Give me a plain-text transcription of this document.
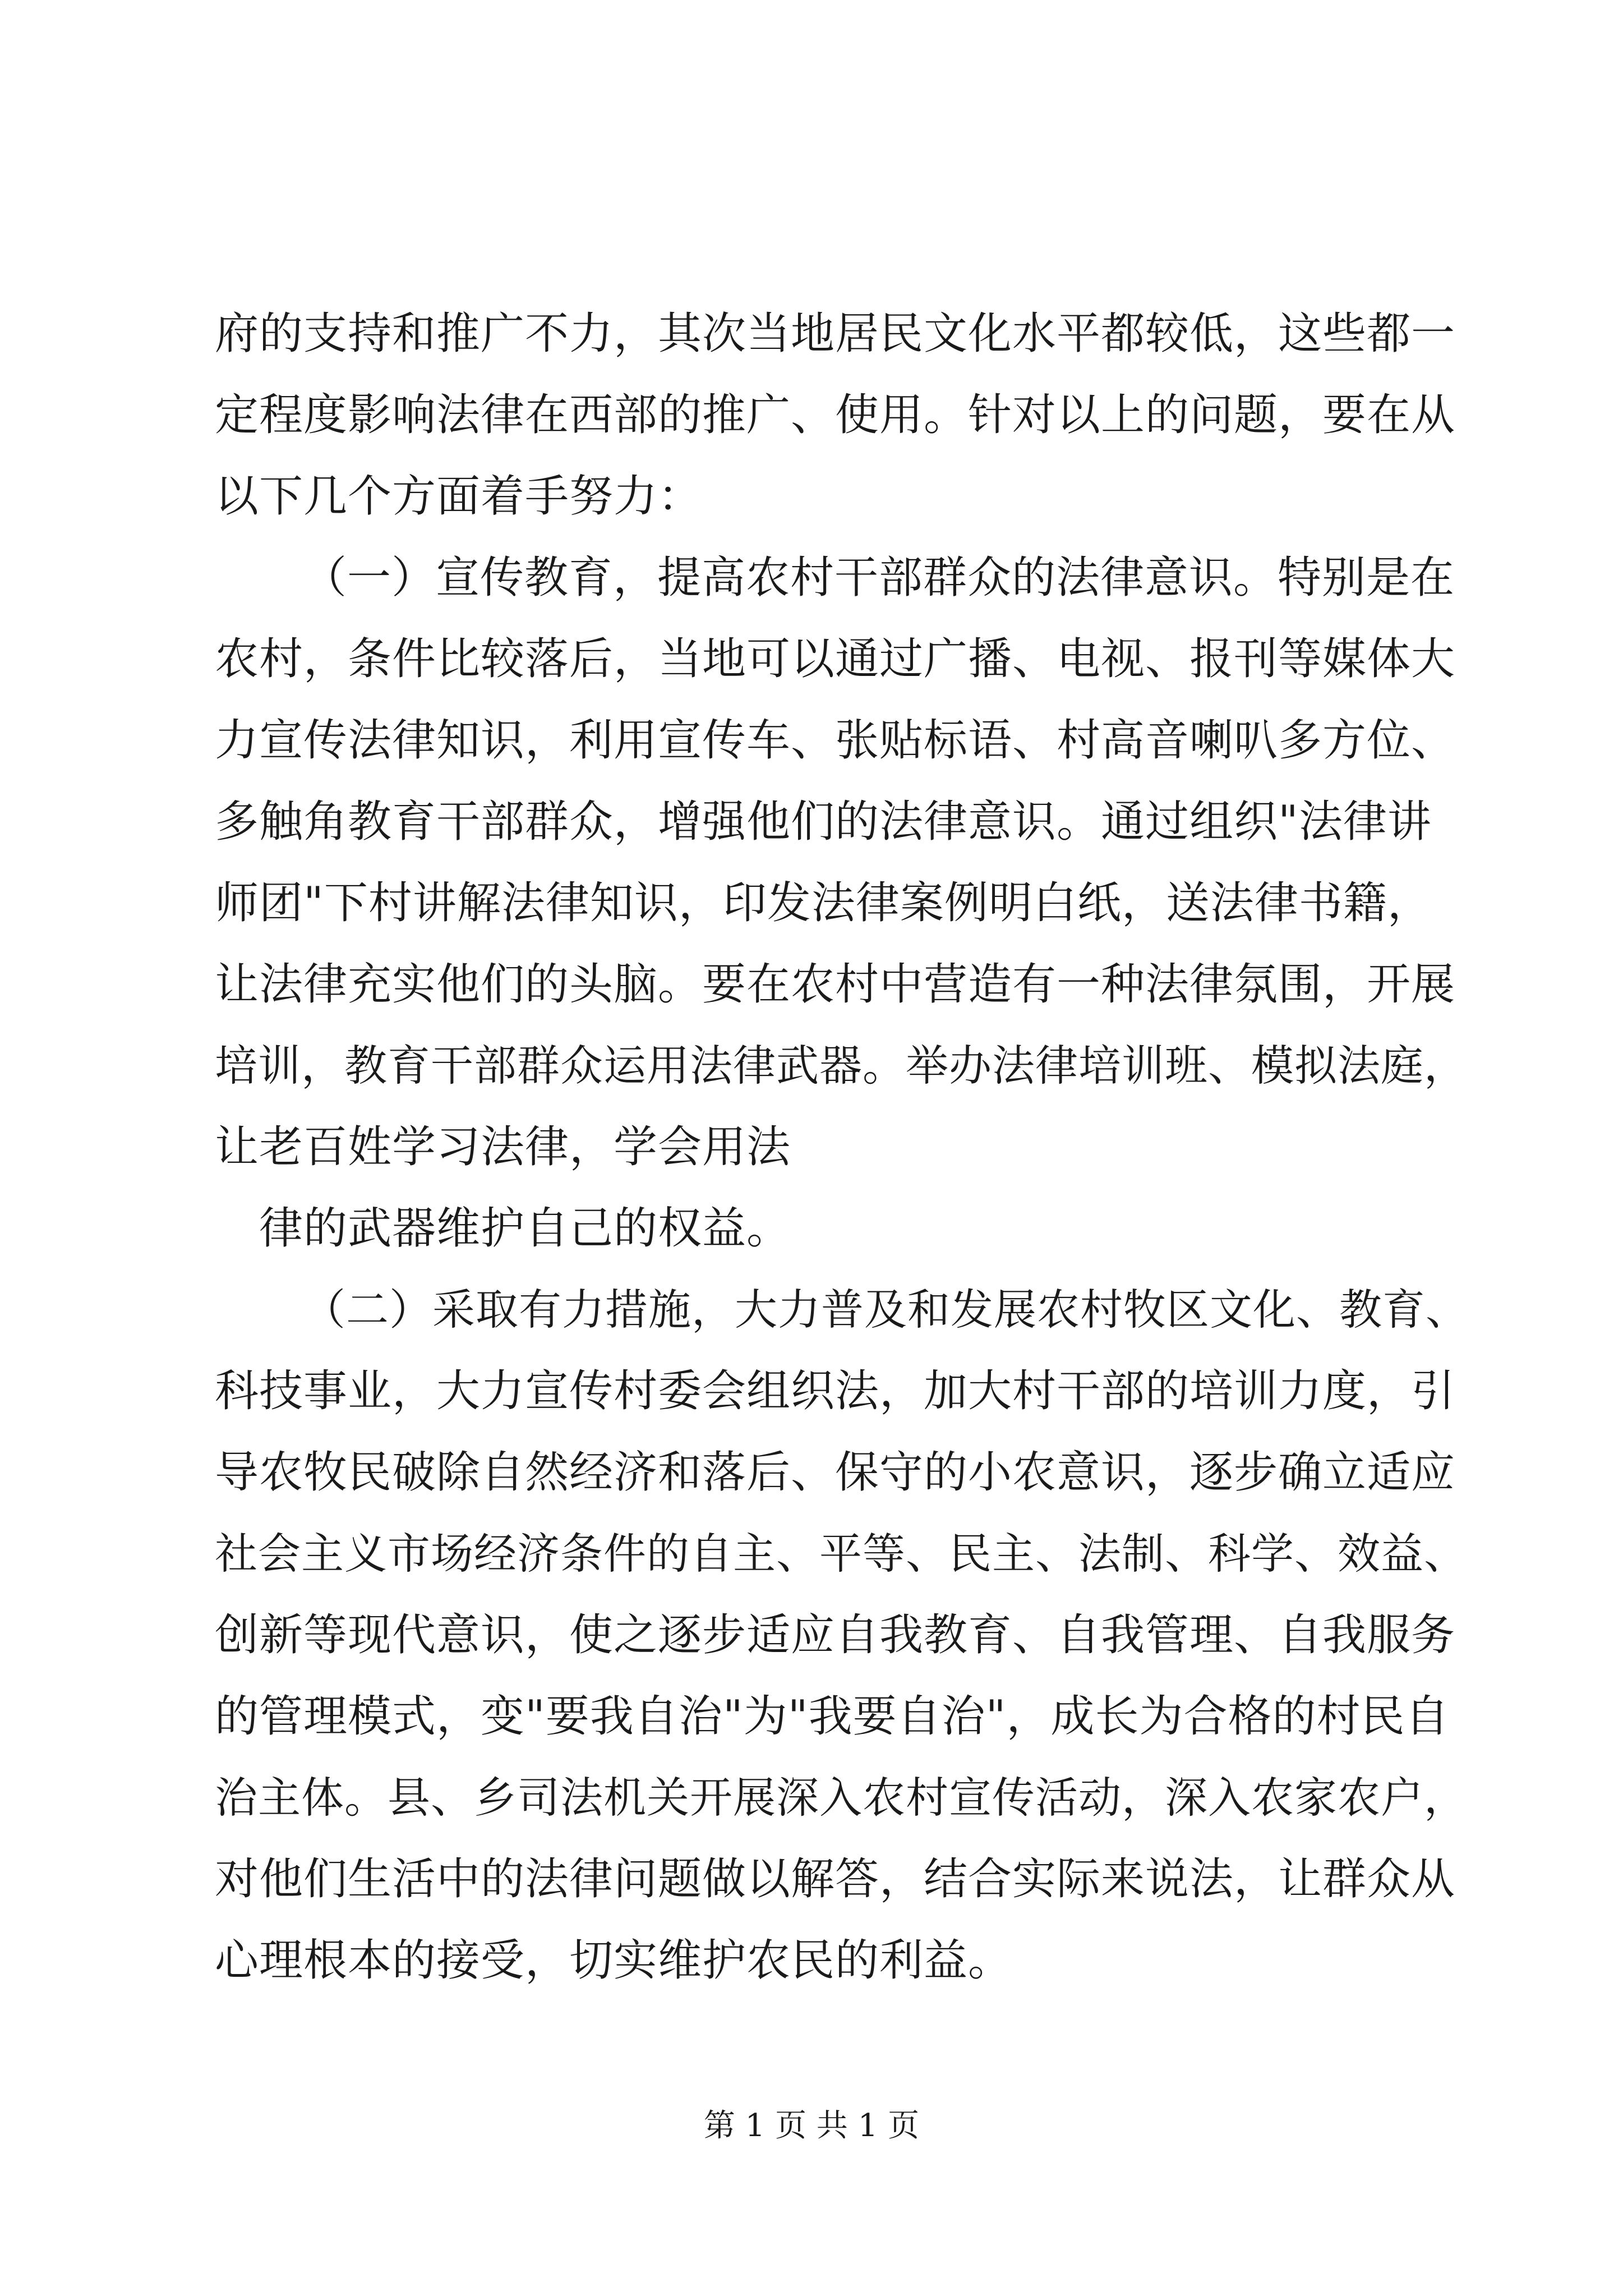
府的支持和推广不力，其次当地居民文化水平都较低，这些都一
定程度影响法律在西部的推广、使用。针对以上的问题，要在从
以下几个方面着手努力：
（一）宣传教育，提高农村干部群众的法律意识。特别是在
农村，条件比较落后，当地可以通过广播、电视、报刊等媒体大
力宣传法律知识，利用宣传车、张贴标语、村高音喇叭多方位、
多触角教育干部群众，增强他们的法律意识。通过组织"法律讲
师团"下村讲解法律知识，印发法律案例明白纸，送法律书籍，
让法律充实他们的头脑。要在农村中营造有一种法律氛围，开展
培训，教育干部群众运用法律武器。举办法律培训班、模拟法庭，
让老百姓学习法律，学会用法
律的武器维护自己的权益。
（二）采取有力措施，大力普及和发展农村牧区文化、教育、
科技事业，大力宣传村委会组织法，加大村干部的培训力度，引
导农牧民破除自然经济和落后、保守的小农意识，逐步确立适应
社会主义市场经济条件的自主、平等、民主、法制、科学、效益、
创新等现代意识，使之逐步适应自我教育、自我管理、自我服务
的管理模式，变"要我自治"为"我要自治"，成长为合格的村民自
治主体。县、乡司法机关开展深入农村宣传活动，深入农家农户，
对他们生活中的法律问题做以解答，结合实际来说法，让群众从
心理根本的接受，切实维护农民的利益。
第 1 页 共 1 页
